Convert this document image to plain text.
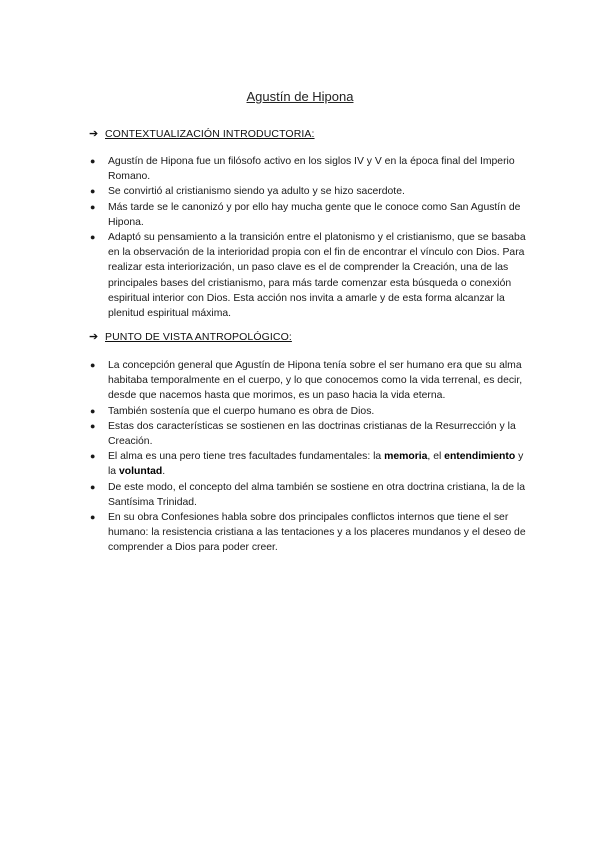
Agustín de Hipona
➔ CONTEXTUALIZACIÓN INTRODUCTORIA:
● Agustín de Hipona fue un filósofo activo en los siglos IV y V en la época final del Imperio Romano.
● Se convirtió al cristianismo siendo ya adulto y se hizo sacerdote.
● Más tarde se le canonizó y por ello hay mucha gente que le conoce como San Agustín de Hipona.
● Adaptó su pensamiento a la transición entre el platonismo y el cristianismo, que se basaba en la observación de la interioridad propia con el fin de encontrar el vínculo con Dios. Para realizar esta interiorización, un paso clave es el de comprender la Creación, una de las principales bases del cristianismo, para más tarde comenzar esta búsqueda o conexión espiritual interior con Dios. Esta acción nos invita a amarle y de esta forma alcanzar la plenitud espiritual máxima.
➔ PUNTO DE VISTA ANTROPOLÓGICO:
● La concepción general que Agustín de Hipona tenía sobre el ser humano era que su alma habitaba temporalmente en el cuerpo, y lo que conocemos como la vida terrenal, es decir, desde que nacemos hasta que morimos, es un paso hacia la vida eterna.
● También sostenía que el cuerpo humano es obra de Dios.
● Estas dos características se sostienen en las doctrinas cristianas de la Resurrección y la Creación.
● El alma es una pero tiene tres facultades fundamentales: la memoria, el entendimiento y la voluntad.
● De este modo, el concepto del alma también se sostiene en otra doctrina cristiana, la de la Santísima Trinidad.
● En su obra Confesiones habla sobre dos principales conflictos internos que tiene el ser humano: la resistencia cristiana a las tentaciones y a los placeres mundanos y el deseo de comprender a Dios para poder creer.
